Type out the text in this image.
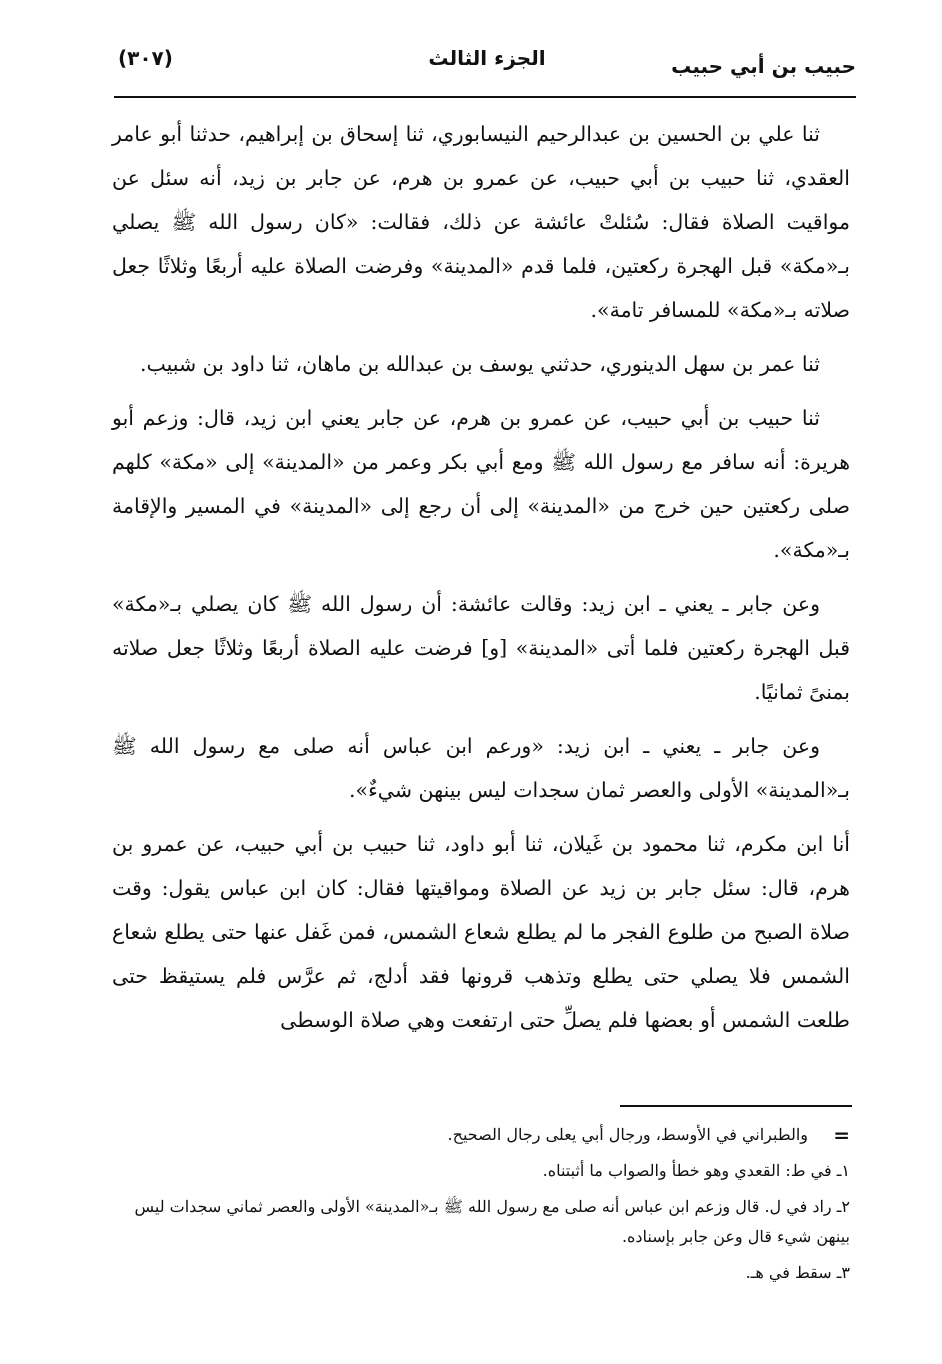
حبيب بن أبي حبيب
الجزء الثالث
(٣٠٧)

ثنا علي بن الحسين بن عبدالرحيم النيسابوري، ثنا إسحاق بن إبراهيم، حدثنا أبو عامر العقدي، ثنا حبيب بن أبي حبيب، عن عمرو بن هرم، عن جابر بن زيد، أنه سئل عن مواقيت الصلاة فقال: سُئلتْ عائشة عن ذلك، فقالت: «كان رسول الله ﷺ يصلي بـ«مكة» قبل الهجرة ركعتين، فلما قدم «المدينة» وفرضت الصلاة عليه أربعًا وثلاثًا جعل صلاته بـ«مكة» للمسافر تامة».

ثنا عمر بن سهل الدينوري، حدثني يوسف بن عبدالله بن ماهان، ثنا داود بن شبيب.

ثنا حبيب بن أبي حبيب، عن عمرو بن هرم، عن جابر يعني ابن زيد، قال: وزعم أبو هريرة: أنه سافر مع رسول الله ﷺ ومع أبي بكر وعمر من «المدينة» إلى «مكة» كلهم صلى ركعتين حين خرج من «المدينة» إلى أن رجع إلى «المدينة» في المسير والإقامة بـ«مكة».

وعن جابر ـ يعني ـ ابن زيد: وقالت عائشة: أن رسول الله ﷺ كان يصلي بـ«مكة» قبل الهجرة ركعتين فلما أتى «المدينة» [و] فرضت عليه الصلاة أربعًا وثلاثًا جعل صلاته بمنىً ثمانيًا.

وعن جابر ـ يعني ـ ابن زيد: «ورعم ابن عباس أنه صلى مع رسول الله ﷺ بـ«المدينة» الأولى والعصر ثمان سجدات ليس بينهن شيءٌ».

أنا ابن مكرم، ثنا محمود بن غَيلان، ثنا أبو داود، ثنا حبيب بن أبي حبيب، عن عمرو بن هرم، قال: سئل جابر بن زيد عن الصلاة ومواقيتها فقال: كان ابن عباس يقول: وقت صلاة الصبح من طلوع الفجر ما لم يطلع شعاع الشمس، فمن غَفل عنها حتى يطلع شعاع الشمس فلا يصلي حتى يطلع وتذهب قرونها فقد أدلج، ثم عرَّس فلم يستيقظ حتى طلعت الشمس أو بعضها فلم يصلِّ حتى ارتفعت وهي صلاة الوسطى

=
والطبراني في الأوسط، ورجال أبي يعلى رجال الصحيح.
١ـ في ط: القعدي وهو خطأ والصواب ما أثبتناه.
٢ـ راد في ل. قال وزعم ابن عباس أنه صلى مع رسول الله ﷺ بـ«المدينة» الأولى والعصر ثماني سجدات ليس بينهن شيء قال وعن جابر بإسناده.
٣ـ سقط في هـ.
